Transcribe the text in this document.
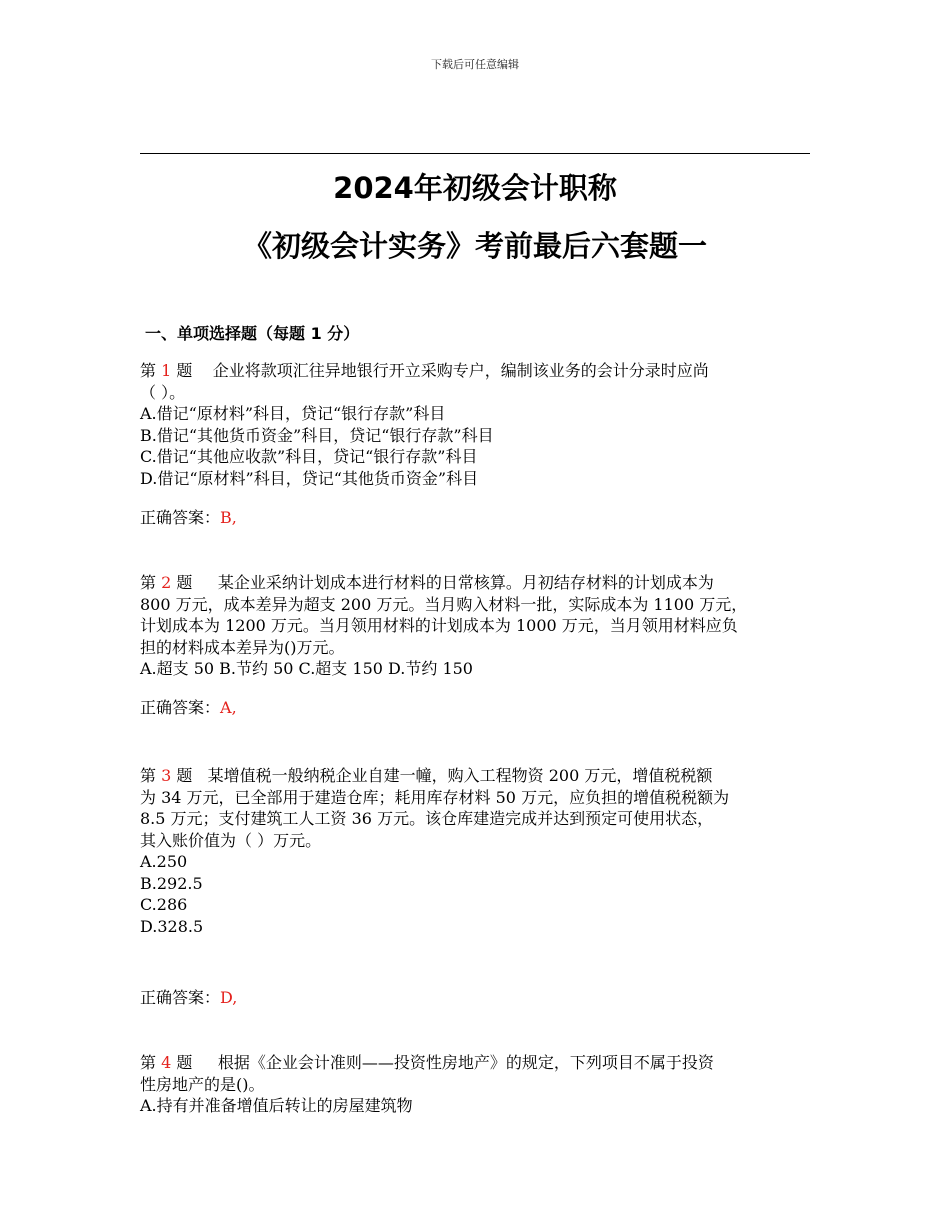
下载后可任意编辑
2024年初级会计职称
《初级会计实务》考前最后六套题一
一、单项选择题（每题 1 分）
第 1 题    企业将款项汇往异地银行开立采购专户，编制该业务的会计分录时应尚
（ ）。
A.借记“原材料”科目，贷记“银行存款”科目
B.借记“其他货币资金”科目，贷记“银行存款”科目
C.借记“其他应收款”科目，贷记“银行存款”科目
D.借记“原材料”科目，贷记“其他货币资金”科目
正确答案：B,
第 2 题     某企业采纳计划成本进行材料的日常核算。月初结存材料的计划成本为
800 万元，成本差异为超支 200 万元。当月购入材料一批，实际成本为 1100 万元，
计划成本为 1200 万元。当月领用材料的计划成本为 1000 万元，当月领用材料应负
担的材料成本差异为()万元。
A.超支 50 B.节约 50 C.超支 150 D.节约 150
正确答案：A,
第 3 题   某增值税一般纳税企业自建一幢，购入工程物资 200 万元，增值税税额
为 34 万元，已全部用于建造仓库；耗用库存材料 50 万元，应负担的增值税税额为
8.5 万元；支付建筑工人工资 36 万元。该仓库建造完成并达到预定可使用状态，
其入账价值为（ ）万元。
A.250
B.292.5
C.286
D.328.5
正确答案：D,
第 4 题     根据《企业会计准则——投资性房地产》的规定，下列项目不属于投资
性房地产的是()。
A.持有并准备增值后转让的房屋建筑物
